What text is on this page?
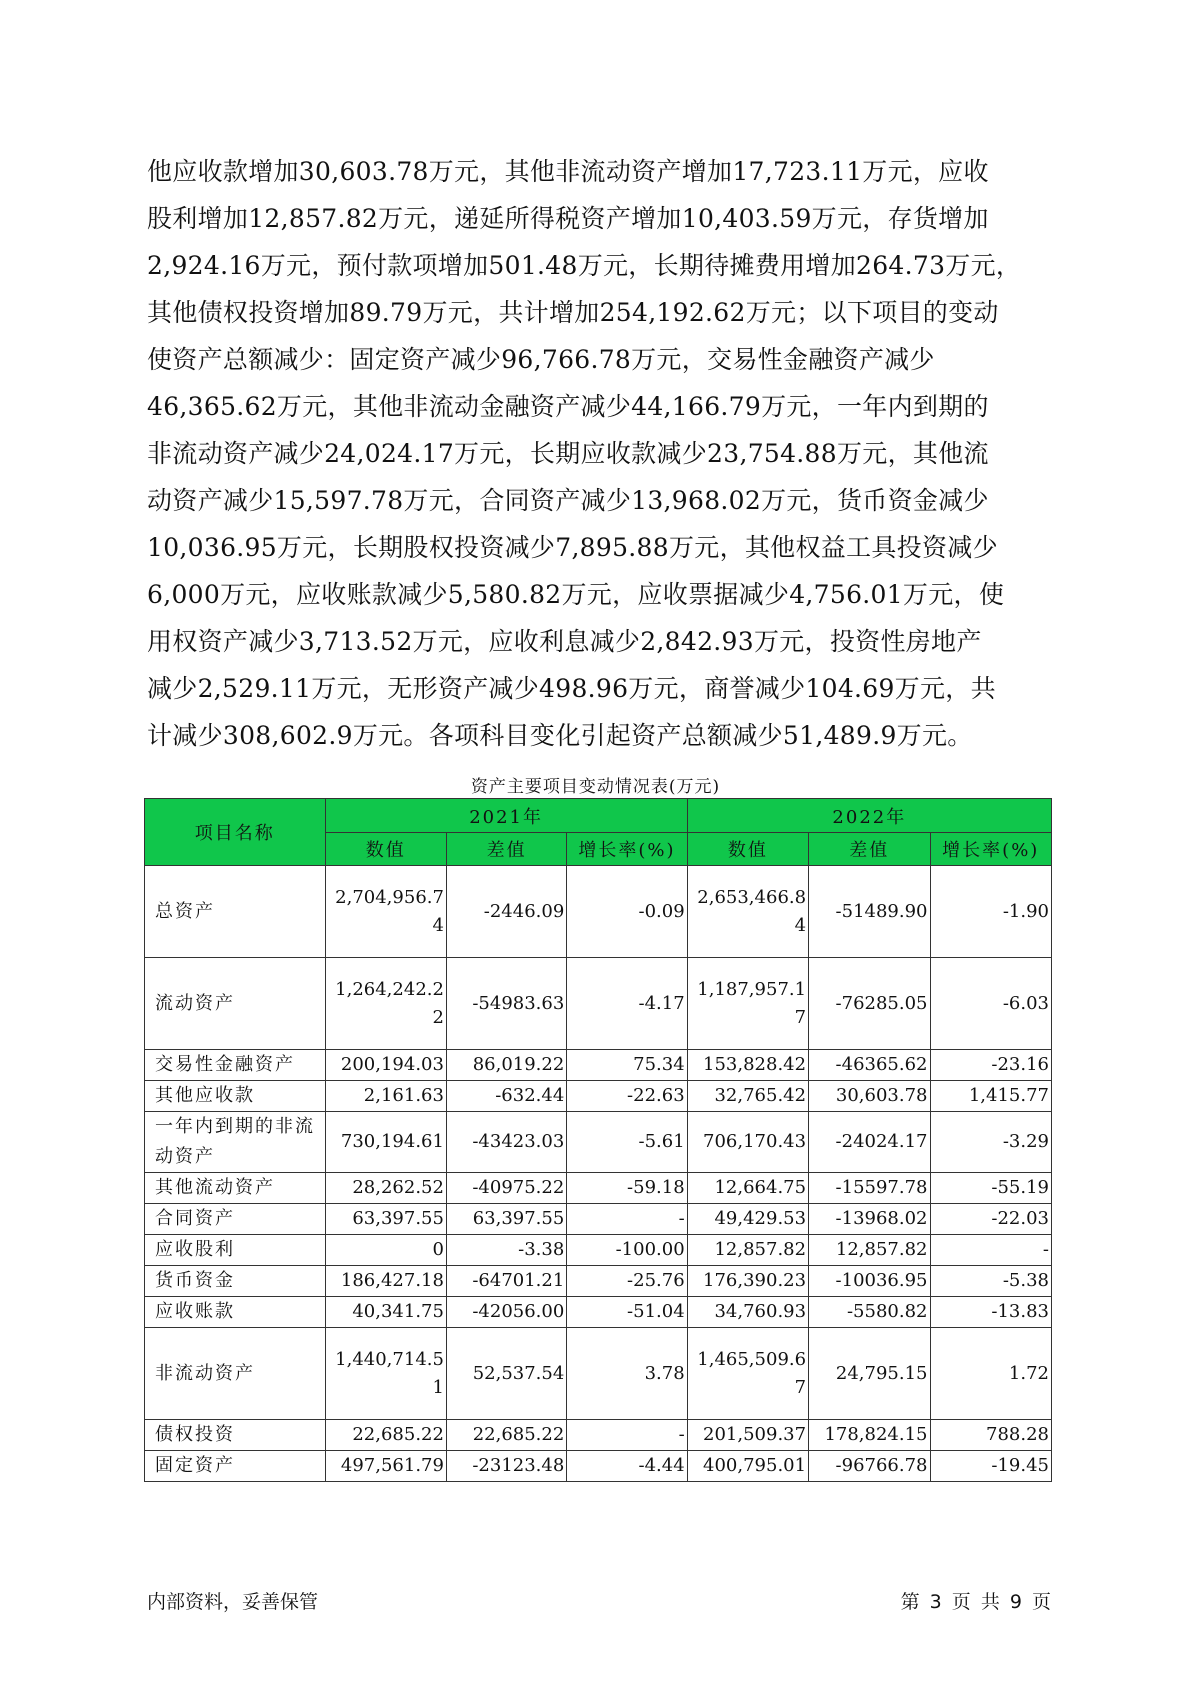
他应收款增加30,603.78万元，其他非流动资产增加17,723.11万元，应收
股利增加12,857.82万元，递延所得税资产增加10,403.59万元，存货增加
2,924.16万元，预付款项增加501.48万元，长期待摊费用增加264.73万元，
其他债权投资增加89.79万元，共计增加254,192.62万元；以下项目的变动
使资产总额减少：固定资产减少96,766.78万元，交易性金融资产减少
46,365.62万元，其他非流动金融资产减少44,166.79万元，一年内到期的
非流动资产减少24,024.17万元，长期应收款减少23,754.88万元，其他流
动资产减少15,597.78万元，合同资产减少13,968.02万元，货币资金减少
10,036.95万元，长期股权投资减少7,895.88万元，其他权益工具投资减少
6,000万元，应收账款减少5,580.82万元，应收票据减少4,756.01万元，使
用权资产减少3,713.52万元，应收利息减少2,842.93万元，投资性房地产
减少2,529.11万元，无形资产减少498.96万元，商誉减少104.69万元，共
计减少308,602.9万元。各项科目变化引起资产总额减少51,489.9万元。
资产主要项目变动情况表(万元)
项目名称	2021年			2022年		
	数值	差值	增长率(%)	数值	差值	增长率(%)
总资产	2,704,956.74	-2446.09	-0.09	2,653,466.84	-51489.90	-1.90
流动资产	1,264,242.22	-54983.63	-4.17	1,187,957.17	-76285.05	-6.03
交易性金融资产	200,194.03	86,019.22	75.34	153,828.42	-46365.62	-23.16
其他应收款	2,161.63	-632.44	-22.63	32,765.42	30,603.78	1,415.77
一年内到期的非流动资产	730,194.61	-43423.03	-5.61	706,170.43	-24024.17	-3.29
其他流动资产	28,262.52	-40975.22	-59.18	12,664.75	-15597.78	-55.19
合同资产	63,397.55	63,397.55	-	49,429.53	-13968.02	-22.03
应收股利	0	-3.38	-100.00	12,857.82	12,857.82	-
货币资金	186,427.18	-64701.21	-25.76	176,390.23	-10036.95	-5.38
应收账款	40,341.75	-42056.00	-51.04	34,760.93	-5580.82	-13.83
非流动资产	1,440,714.51	52,537.54	3.78	1,465,509.67	24,795.15	1.72
债权投资	22,685.22	22,685.22	-	201,509.37	178,824.15	788.28
固定资产	497,561.79	-23123.48	-4.44	400,795.01	-96766.78	-19.45
内部资料，妥善保管	第 3 页 共 9 页
